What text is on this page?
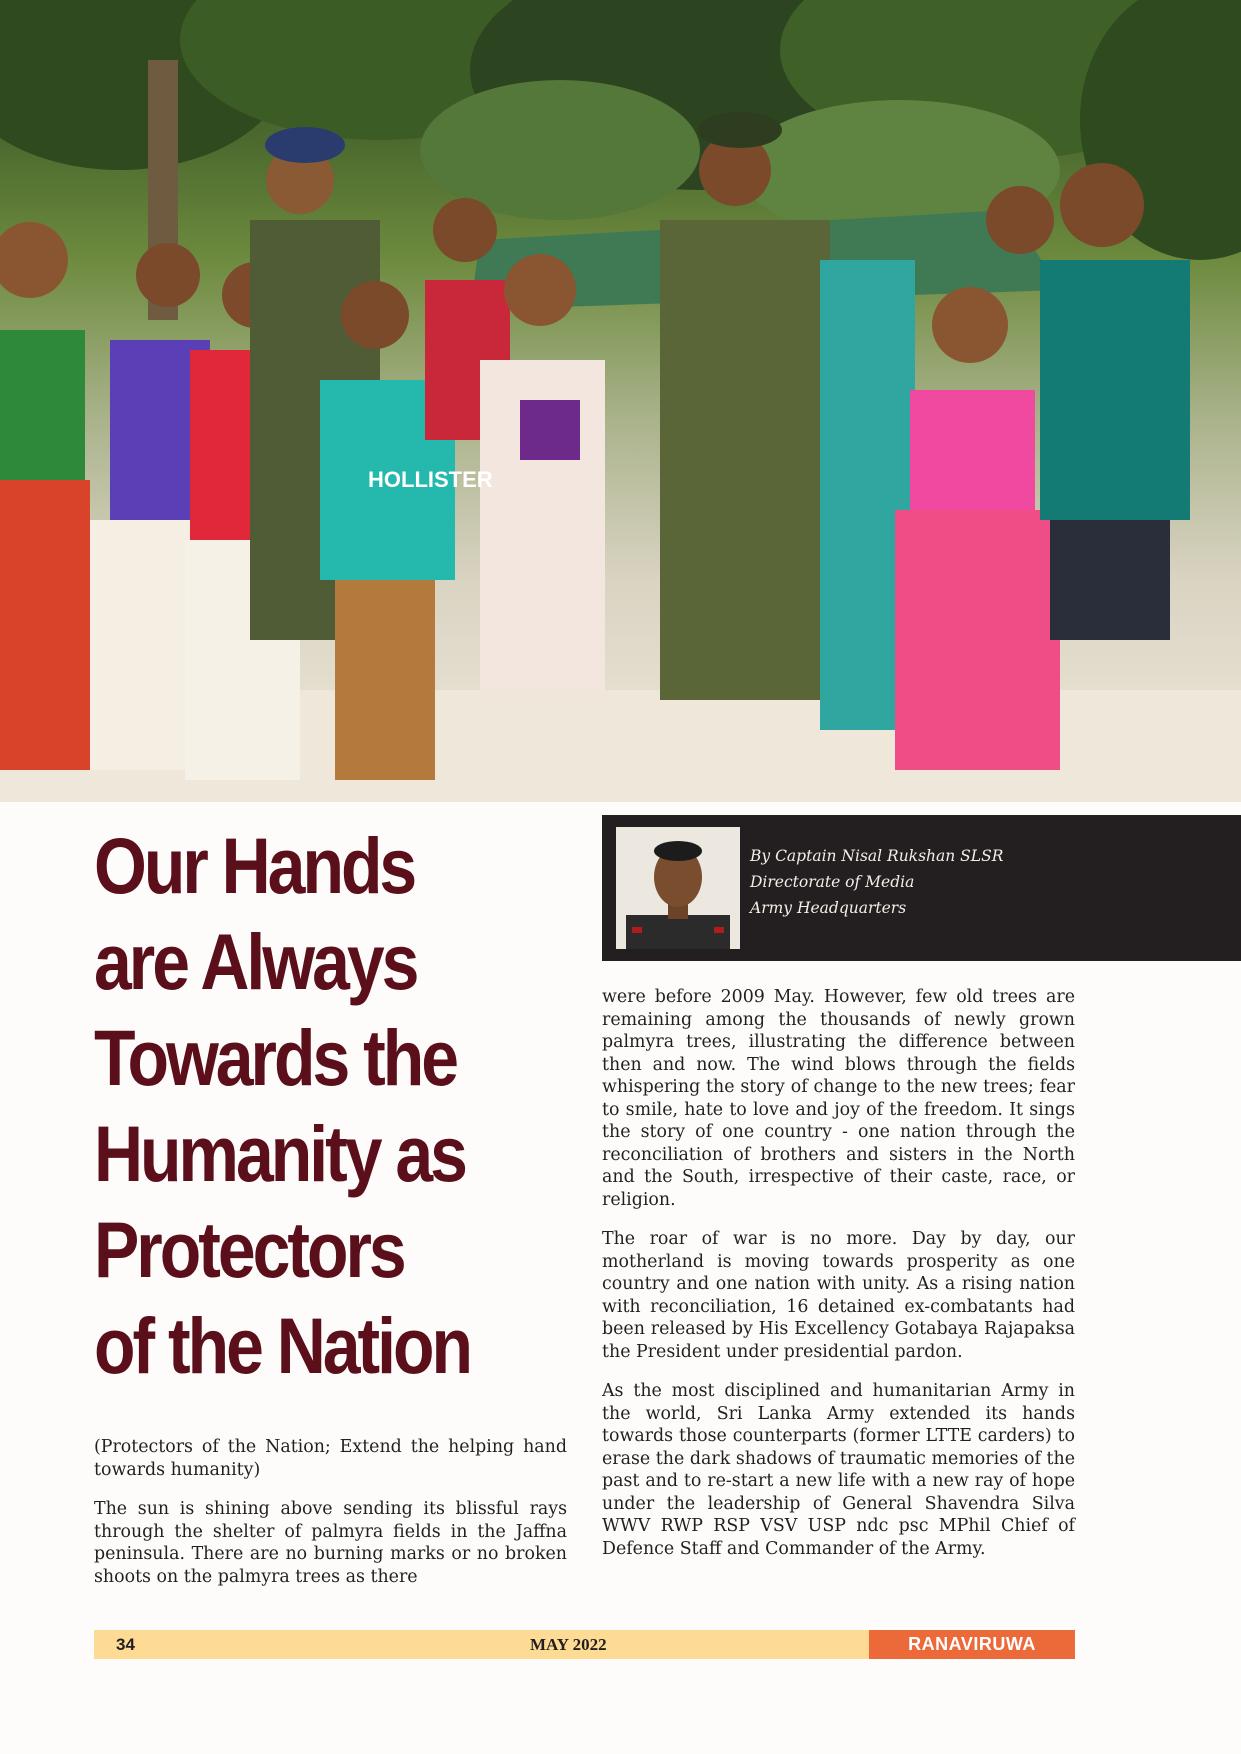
HOLLISTER
Our Hands
are Always
Towards the
Humanity as
Protectors
of the Nation
By Captain Nisal Rukshan SLSR
Directorate of Media
Army Headquarters

(Protectors of the Nation; Extend the helping hand towards humanity)

The sun is shining above sending its blissful rays through the shelter of palmyra fields in the Jaffna peninsula. There are no burning marks or no broken shoots on the palmyra trees as there

were before 2009 May. However, few old trees are remaining among the thousands of newly grown palmyra trees, illustrating the difference between then and now. The wind blows through the fields whispering the story of change to the new trees; fear to smile, hate to love and joy of the freedom. It sings the story of one country - one nation through the reconciliation of brothers and sisters in the North and the South, irrespective of their caste, race, or religion.

The roar of war is no more. Day by day, our motherland is moving towards prosperity as one country and one nation with unity. As a rising nation with reconciliation, 16 detained ex-combatants had been released by His Excellency Gotabaya Rajapaksa the President under presidential pardon.

As the most disciplined and humanitarian Army in the world, Sri Lanka Army extended its hands towards those counterparts (former LTTE carders) to erase the dark shadows of traumatic memories of the past and to re-start a new life with a new ray of hope under the leadership of General Shavendra Silva WWV RWP RSP VSV USP ndc psc MPhil Chief of Defence Staff and Commander of the Army.

34	MAY 2022	RANAVIRUWA
